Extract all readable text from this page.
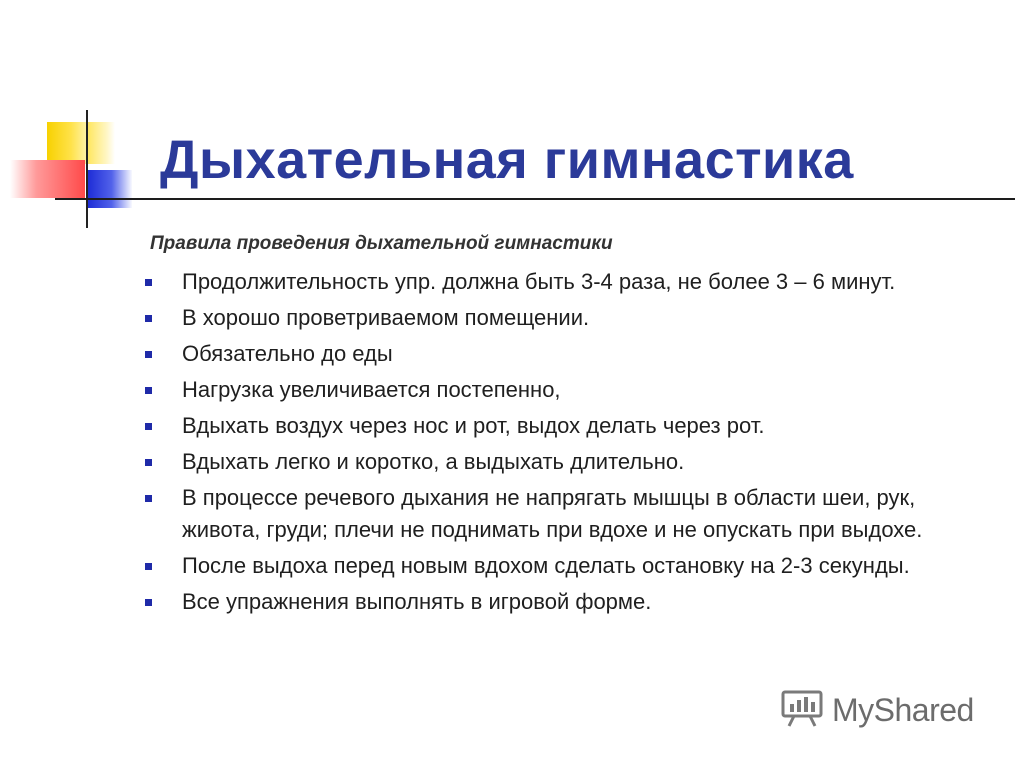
Дыхательная гимнастика

Правила проведения дыхательной гимнастики

Продолжительность упр. должна быть 3-4 раза, не более 3 – 6 минут.
В хорошо проветриваемом помещении.
Обязательно до еды
Нагрузка увеличивается постепенно,
Вдыхать воздух через нос и рот, выдох делать через рот.
Вдыхать легко и коротко, а выдыхать длительно.
В процессе речевого дыхания не напрягать мышцы в области шеи, рук, живота, груди; плечи не поднимать при вдохе и не опускать при выдохе.
После выдоха перед новым вдохом сделать остановку на 2-3 секунды.
Все упражнения выполнять в игровой форме.
MyShared
